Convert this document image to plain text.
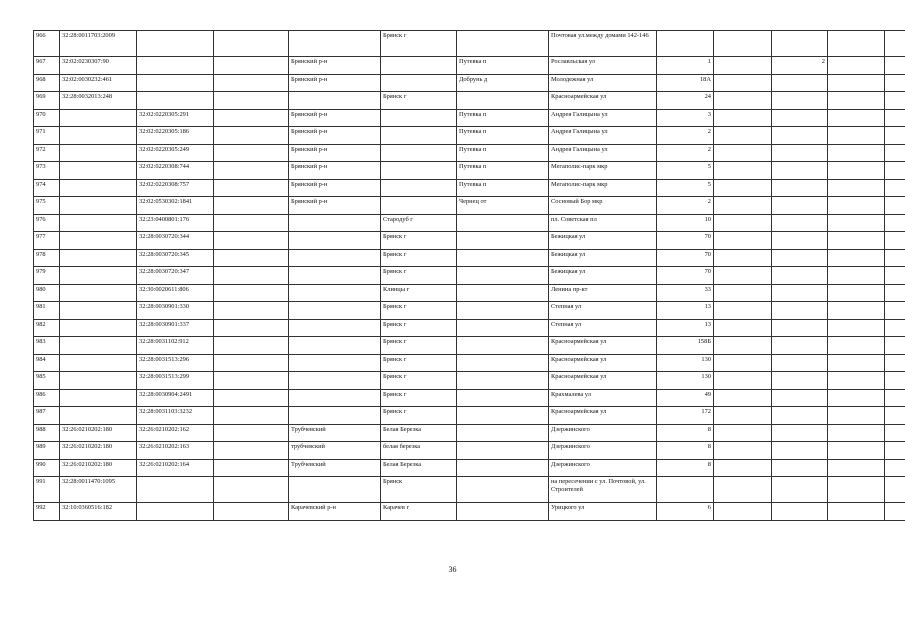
966	32:28:0011703:2009				Брянск г		Почтовая ул.между домами 142-146					
967	32:02:0230307:90			Брянский р-н		Путевка п	Рославльская ул	1		2		
968	32:02:0030232:461			Брянский р-н		Добрунь д	Молодежная ул	18А				
969	32:28:0032013:248				Брянск г		Красноармейская ул	24				
970		32:02:0220305:291		Брянский р-н		Путевка п	Андрея Галицына ул	3				
971		32:02:0220305:186		Брянский р-н		Путевка п	Андрея Галицына ул	2				
972		32:02:0220305:249		Брянский р-н		Путевка п	Андрея Галицына ул	2				
973		32:02:0220308:744		Брянский р-н		Путевка п	Мегаполис-парк мкр	5				
974		32:02:0220308:757		Брянский р-н		Путевка п	Мегаполис-парк мкр	5				
975		32:02:0530302:1841		Брянский р-н		Чернец от	Сосновый Бор мкр	2				
976		32:23:0400801:176			Стародуб г		пл. Советская пл	10				
977		32:28:0030720:344			Брянск г		Бежицкая ул	70				
978		32:28:0030720:345			Брянск г		Бежицкая ул	70				
979		32:28:0030720:347			Брянск г		Бежицкая ул	70				
980		32:30:0020611:806			Клинцы г		Ленина пр-кт	33				
981		32:28:0030901:330			Брянск г		Степная ул	13				
982		32:28:0030901:337			Брянск г		Степная ул	13				
983		32:28:0031102:912			Брянск г		Красноармейская ул	158Б				
984		32:28:0031513:296			Брянск г		Красноармейская ул	130				
985		32:28:0031513:299			Брянск г		Красноармейская ул	130				
986		32:28:0030904:2491			Брянск г		Крахмалева ул	49				
987		32:28:0031103:3232			Брянск г		Красноармейская ул	172				
988	32:26:0210202:180	32:26:0210202:162		Трубчевский	Белая Березка		Дзержинского	8				
989	32:26:0210202:180	32:26:0210202:163		трубчевский	белая березка		Дзержинского	8				
990	32:26:0210202:180	32:26:0210202:164		Трубчевский	Белая Березка		Дзержинского	8				
991	32:28:0011470:1095				Брянск		на пересечении с ул. Почтовой, ул. Строителей					
992	32:10:0360516:182			Карачевский р-н	Карачев г		Урицкого ул	6				
36
